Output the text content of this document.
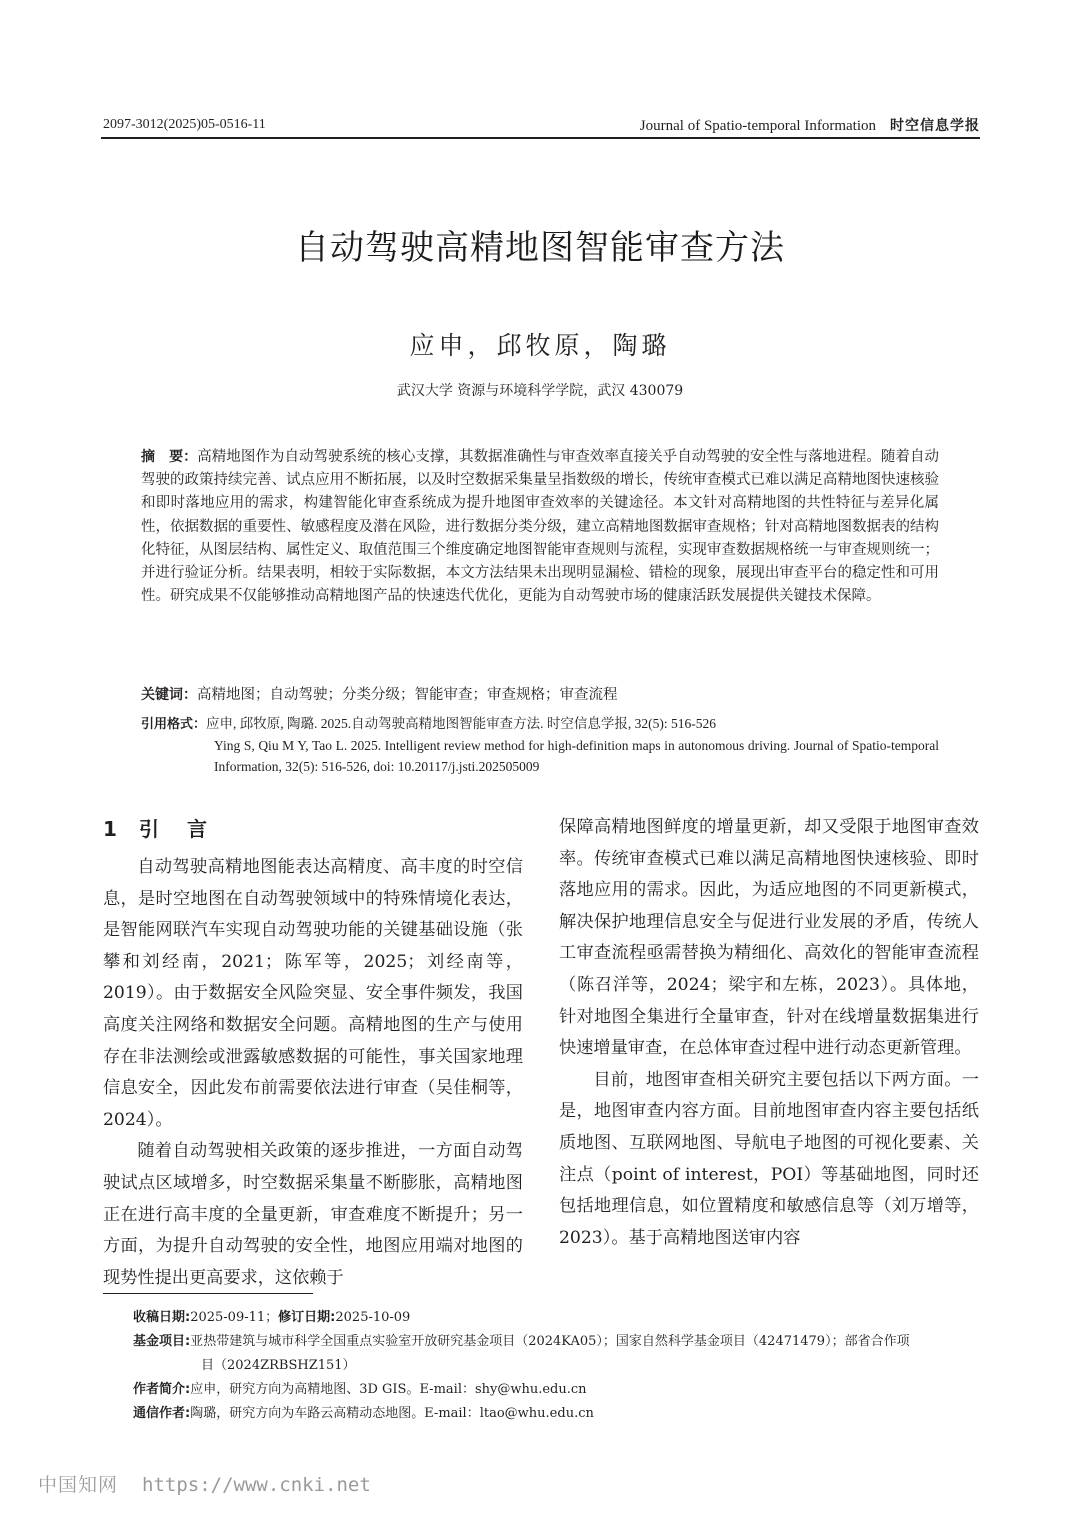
2097-3012(2025)05-0516-11	Journal of Spatio-temporal Information 时空信息学报
自动驾驶高精地图智能审查方法
应申，邱牧原，陶璐
武汉大学 资源与环境科学学院，武汉 430079
摘　要：高精地图作为自动驾驶系统的核心支撑，其数据准确性与审查效率直接关乎自动驾驶的安全性与落地进程。随着自动驾驶的政策持续完善、试点应用不断拓展，以及时空数据采集量呈指数级的增长，传统审查模式已难以满足高精地图快速核验和即时落地应用的需求，构建智能化审查系统成为提升地图审查效率的关键途径。本文针对高精地图的共性特征与差异化属性，依据数据的重要性、敏感程度及潜在风险，进行数据分类分级，建立高精地图数据审查规格；针对高精地图数据表的结构化特征，从图层结构、属性定义、取值范围三个维度确定地图智能审查规则与流程，实现审查数据规格统一与审查规则统一；并进行验证分析。结果表明，相较于实际数据，本文方法结果未出现明显漏检、错检的现象，展现出审查平台的稳定性和可用性。研究成果不仅能够推动高精地图产品的快速迭代优化，更能为自动驾驶市场的健康活跃发展提供关键技术保障。
关键词：高精地图；自动驾驶；分类分级；智能审查；审查规格；审查流程
引用格式：应申, 邱牧原, 陶璐. 2025.自动驾驶高精地图智能审查方法. 时空信息学报, 32(5): 516-526
Ying S, Qiu M Y, Tao L. 2025. Intelligent review method for high-definition maps in autonomous driving. Journal of Spatio-temporal Information, 32(5): 516-526, doi: 10.20117/j.jsti.202505009
1 引 言

自动驾驶高精地图能表达高精度、高丰度的时空信息，是时空地图在自动驾驶领域中的特殊情境化表达，是智能网联汽车实现自动驾驶功能的关键基础设施（张攀和刘经南，2021；陈军等，2025；刘经南等，2019）。由于数据安全风险突显、安全事件频发，我国高度关注网络和数据安全问题。高精地图的生产与使用存在非法测绘或泄露敏感数据的可能性，事关国家地理信息安全，因此发布前需要依法进行审查（吴佳桐等，2024）。

随着自动驾驶相关政策的逐步推进，一方面自动驾驶试点区域增多，时空数据采集量不断膨胀，高精地图正在进行高丰度的全量更新，审查难度不断提升；另一方面，为提升自动驾驶的安全性，地图应用端对地图的现势性提出更高要求，这依赖于

保障高精地图鲜度的增量更新，却又受限于地图审查效率。传统审查模式已难以满足高精地图快速核验、即时落地应用的需求。因此，为适应地图的不同更新模式，解决保护地理信息安全与促进行业发展的矛盾，传统人工审查流程亟需替换为精细化、高效化的智能审查流程（陈召洋等，2024；梁宇和左栋，2023）。具体地，针对地图全集进行全量审查，针对在线增量数据集进行快速增量审查，在总体审查过程中进行动态更新管理。

目前，地图审查相关研究主要包括以下两方面。一是，地图审查内容方面。目前地图审查内容主要包括纸质地图、互联网地图、导航电子地图的可视化要素、关注点（point of interest，POI）等基础地图，同时还包括地理信息，如位置精度和敏感信息等（刘万增等，2023）。基于高精地图送审内容

收稿日期:2025-09-11；修订日期:2025-10-09
基金项目:亚热带建筑与城市科学全国重点实验室开放研究基金项目（2024KA05）；国家自然科学基金项目（42471479）；部省合作项
目（2024ZRBSHZ151）
作者简介:应申，研究方向为高精地图、3D GIS。E-mail：shy@whu.edu.cn
通信作者:陶璐，研究方向为车路云高精动态地图。E-mail：ltao@whu.edu.cn
中国知网 https://www.cnki.net
